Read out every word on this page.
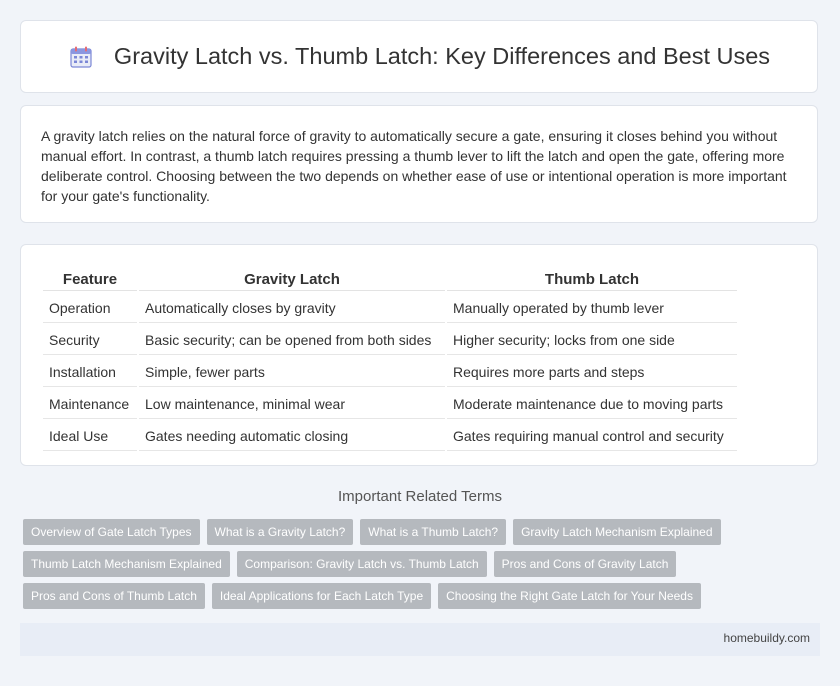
Gravity Latch vs. Thumb Latch: Key Differences and Best Uses

A gravity latch relies on the natural force of gravity to automatically secure a gate, ensuring it closes behind you without manual effort. In contrast, a thumb latch requires pressing a thumb lever to lift the latch and open the gate, offering more deliberate control. Choosing between the two depends on whether ease of use or intentional operation is more important for your gate's functionality.

Feature	Gravity Latch	Thumb Latch
Operation	Automatically closes by gravity	Manually operated by thumb lever
Security	Basic security; can be opened from both sides	Higher security; locks from one side
Installation	Simple, fewer parts	Requires more parts and steps
Maintenance	Low maintenance, minimal wear	Moderate maintenance due to moving parts
Ideal Use	Gates needing automatic closing	Gates requiring manual control and security
Important Related Terms
Overview of Gate Latch Types	What is a Gravity Latch?	What is a Thumb Latch?	Gravity Latch Mechanism Explained
Thumb Latch Mechanism Explained	Comparison: Gravity Latch vs. Thumb Latch	Pros and Cons of Gravity Latch
Pros and Cons of Thumb Latch	Ideal Applications for Each Latch Type	Choosing the Right Gate Latch for Your Needs
homebuildy.com
